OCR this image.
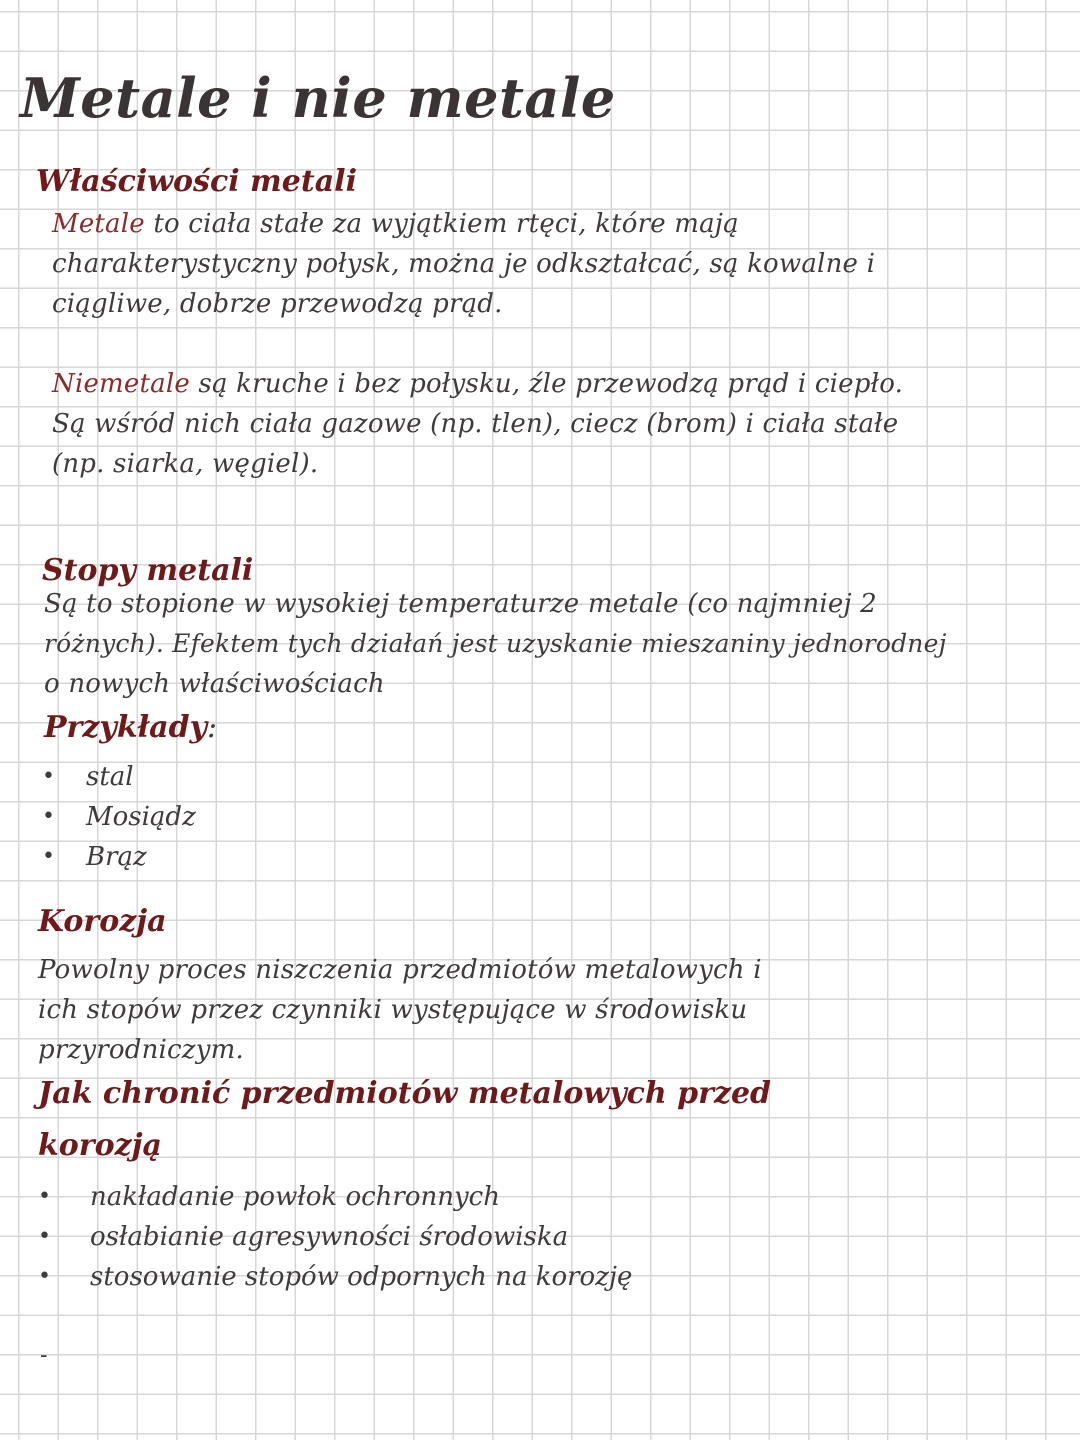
Metale i nie metale
Właściwości metali
Metale to ciała stałe za wyjątkiem rtęci, które mają
charakterystyczny połysk, można je odkształcać, są kowalne i
ciągliwe, dobrze przewodzą prąd.
Niemetale są kruche i bez połysku, źle przewodzą prąd i ciepło.
Są wśród nich ciała gazowe (np. tlen), ciecz (brom) i ciała stałe
(np. siarka, węgiel).
Stopy metali
Są to stopione w wysokiej temperaturze metale (co najmniej 2
różnych). Efektem tych działań jest uzyskanie mieszaniny jednorodnej
o nowych właściwościach
Przykłady:
• stal
• Mosiądz
• Brąz
Korozja
Powolny proces niszczenia przedmiotów metalowych i
ich stopów przez czynniki występujące w środowisku
przyrodniczym.
Jak chronić przedmiotów metalowych przed
korozją
• nakładanie powłok ochronnych
• osłabianie agresywności środowiska
• stosowanie stopów odpornych na korozję
-
